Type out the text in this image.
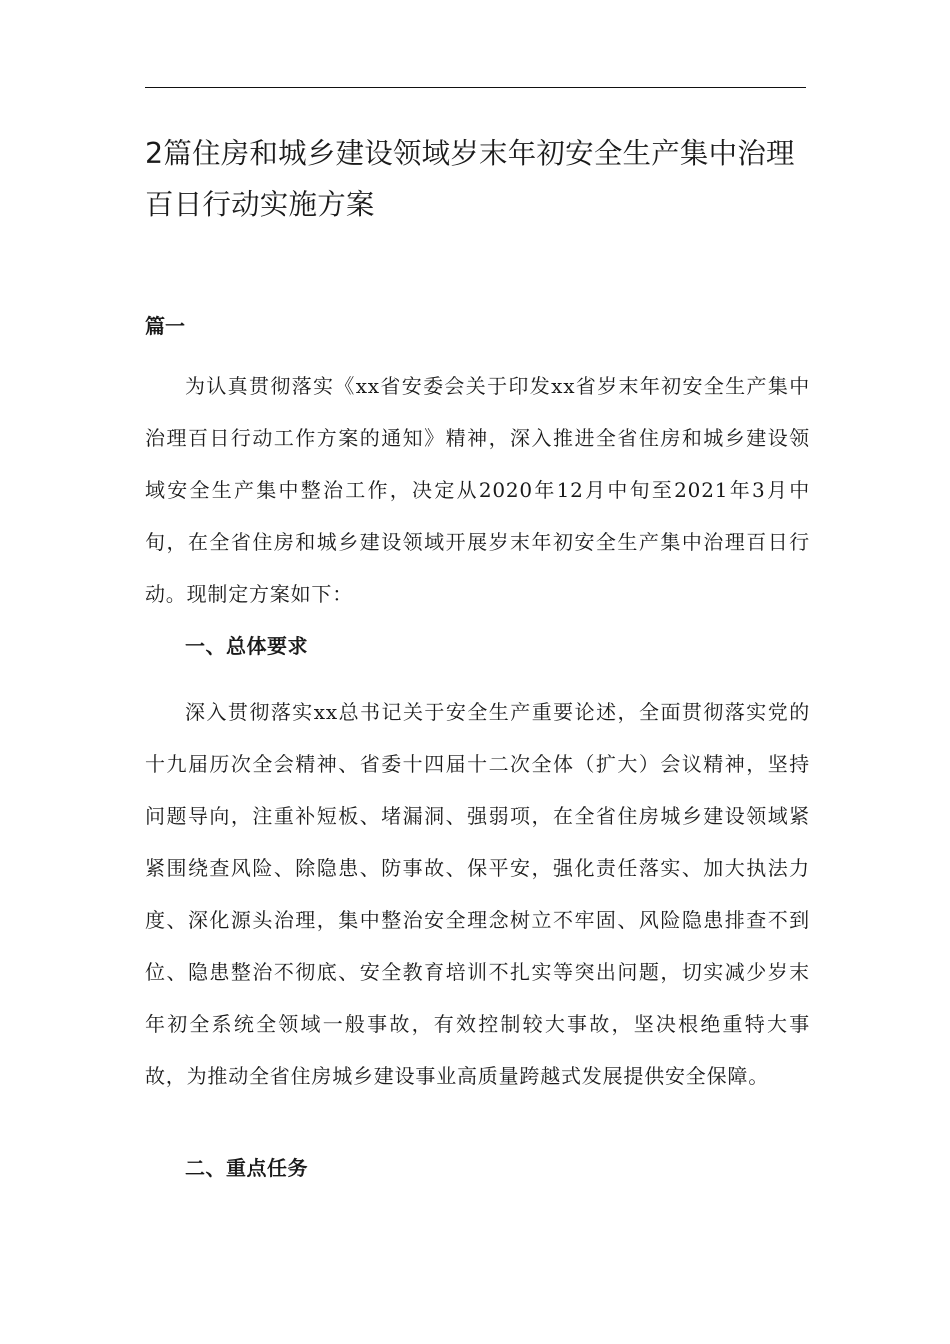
2篇住房和城乡建设领域岁末年初安全生产集中治理百日行动实施方案
篇一

为认真贯彻落实《xx省安委会关于印发xx省岁末年初安全生产集中治理百日行动工作方案的通知》精神，深入推进全省住房和城乡建设领域安全生产集中整治工作，决定从2020年12月中旬至2021年3月中旬，在全省住房和城乡建设领域开展岁末年初安全生产集中治理百日行动。现制定方案如下：

一、总体要求

深入贯彻落实xx总书记关于安全生产重要论述，全面贯彻落实党的十九届历次全会精神、省委十四届十二次全体（扩大）会议精神，坚持问题导向，注重补短板、堵漏洞、强弱项，在全省住房城乡建设领域紧紧围绕查风险、除隐患、防事故、保平安，强化责任落实、加大执法力度、深化源头治理，集中整治安全理念树立不牢固、风险隐患排查不到位、隐患整治不彻底、安全教育培训不扎实等突出问题，切实减少岁末年初全系统全领域一般事故，有效控制较大事故，坚决根绝重特大事故，为推动全省住房城乡建设事业高质量跨越式发展提供安全保障。

二、重点任务
